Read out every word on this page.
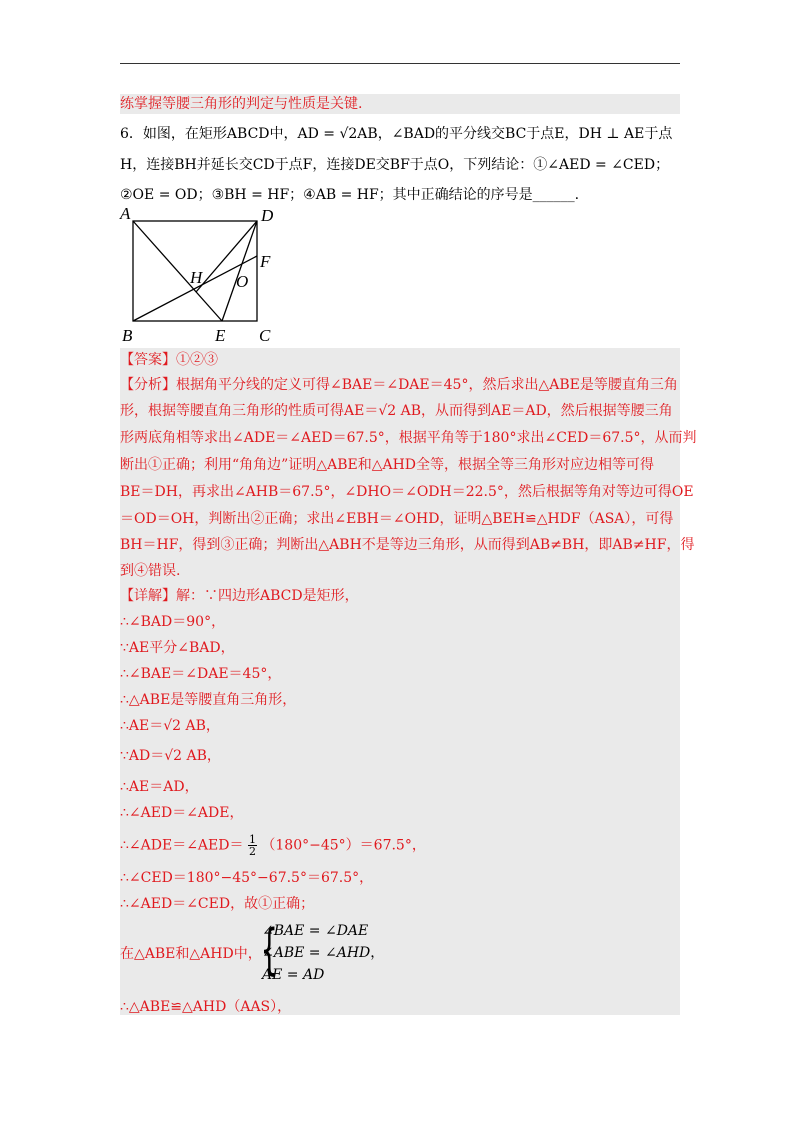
练掌握等腰三角形的判定与性质是关键.
6．如图，在矩形ABCD中，AD = √2AB，∠BAD的平分线交BC于点E，DH ⊥ AE于点
H，连接BH并延长交CD于点F，连接DE交BF于点O，下列结论：①∠AED = ∠CED；
②OE = OD；③BH = HF；④AB = HF；其中正确结论的序号是______.
A	D
F
H O
B	E C
【答案】①②③
【分析】根据角平分线的定义可得∠BAE＝∠DAE＝45°，然后求出△ABE是等腰直角三角
形，根据等腰直角三角形的性质可得AE＝√2 AB，从而得到AE＝AD，然后根据等腰三角
形两底角相等求出∠ADE＝∠AED＝67.5°，根据平角等于180°求出∠CED＝67.5°，从而判
断出①正确；利用“角角边”证明△ABE和△AHD全等，根据全等三角形对应边相等可得
BE＝DH，再求出∠AHB＝67.5°，∠DHO＝∠ODH＝22.5°，然后根据等角对等边可得OE
＝OD＝OH，判断出②正确；求出∠EBH＝∠OHD，证明△BEH≌△HDF（ASA），可得
BH＝HF，得到③正确；判断出△ABH不是等边三角形，从而得到AB≠BH，即AB≠HF，得
到④错误.
【详解】解：∵四边形ABCD是矩形，
∴∠BAD＝90°，
∵AE平分∠BAD，
∴∠BAE＝∠DAE＝45°，
∴△ABE是等腰直角三角形，
∴AE＝√2 AB，
∵AD＝√2 AB，
∴AE＝AD，
∴∠AED＝∠ADE，
∴∠ADE＝∠AED＝ $\frac{1}{2} (180^\circ-45^\circ)=67.5^\circ$，
∴∠CED＝180°−45°−67.5°＝67.5°，
∴∠AED＝∠CED，故①正确；
在△ABE和△AHD中，
{
∠BAE = ∠DAE
∠ABE = ∠AHD，
AE = AD
∴△ABE≌△AHD（AAS），
